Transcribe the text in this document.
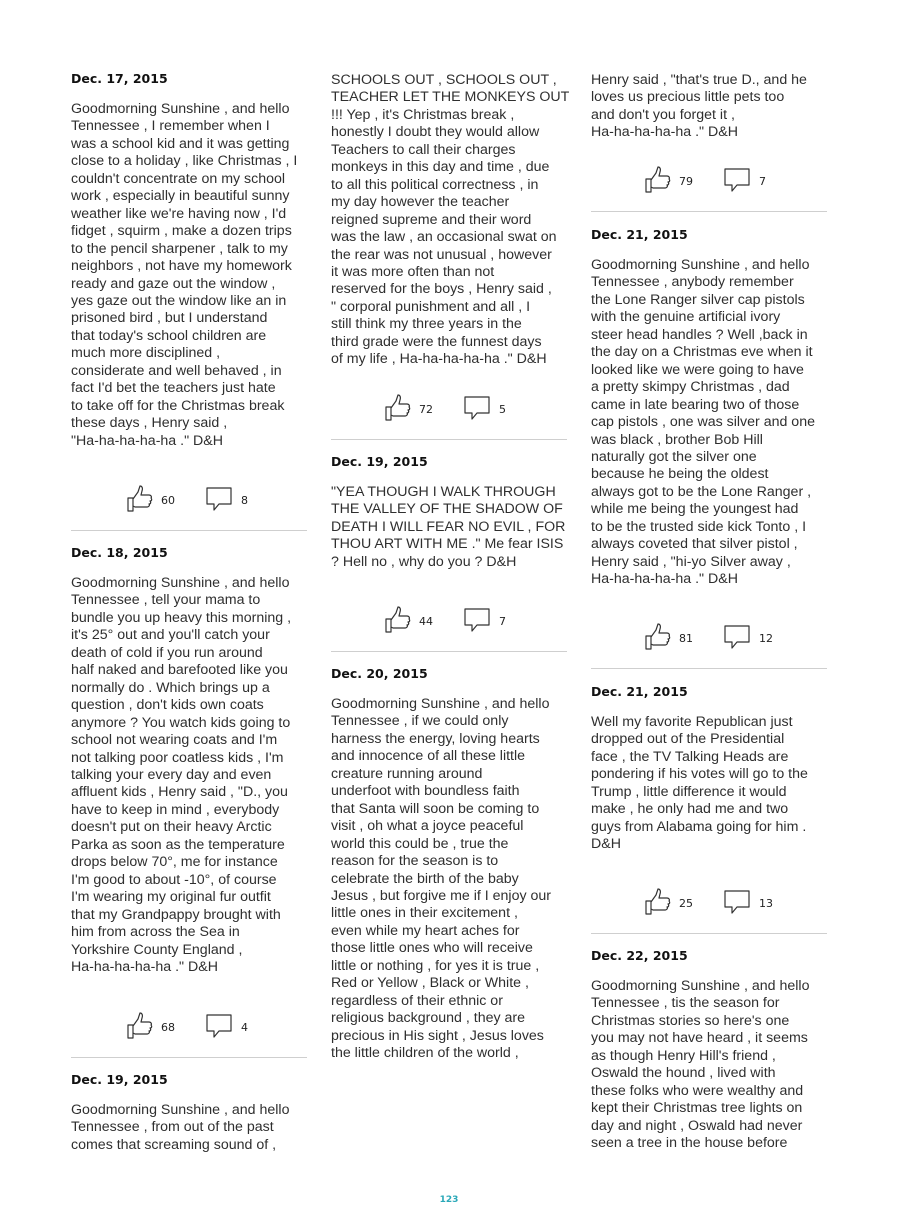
Dec. 17, 2015

Goodmorning Sunshine , and hello
Tennessee , I remember when I
was a school kid and it was getting
close to a holiday , like Christmas , I
couldn't concentrate on my school
work , especially in beautiful sunny
weather like we're having now , I'd
fidget , squirm , make a dozen trips
to the pencil sharpener , talk to my
neighbors , not have my homework
ready and gaze out the window ,
yes gaze out the window like an in
prisoned bird , but I understand
that today's school children are
much more disciplined ,
considerate and well behaved , in
fact I'd bet the teachers just hate
to take off for the Christmas break
these days , Henry said ,
"Ha-ha-ha-ha-ha ." D&H

60	8
Dec. 18, 2015

Goodmorning Sunshine , and hello
Tennessee , tell your mama to
bundle you up heavy this morning ,
it's 25° out and you'll catch your
death of cold if you run around
half naked and barefooted like you
normally do . Which brings up a
question , don't kids own coats
anymore ? You watch kids going to
school not wearing coats and I'm
not talking poor coatless kids , I'm
talking your every day and even
affluent kids , Henry said , "D., you
have to keep in mind , everybody
doesn't put on their heavy Arctic
Parka as soon as the temperature
drops below 70°, me for instance
I'm good to about -10°, of course
I'm wearing my original fur outfit
that my Grandpappy brought with
him from across the Sea in
Yorkshire County England ,
Ha-ha-ha-ha-ha ." D&H

68	4
Dec. 19, 2015

Goodmorning Sunshine , and hello
Tennessee , from out of the past
comes that screaming sound of ,

SCHOOLS OUT , SCHOOLS OUT ,
TEACHER LET THE MONKEYS OUT
!!! Yep , it's Christmas break ,
honestly I doubt they would allow
Teachers to call their charges
monkeys in this day and time , due
to all this political correctness , in
my day however the teacher
reigned supreme and their word
was the law , an occasional swat on
the rear was not unusual , however
it was more often than not
reserved for the boys , Henry said ,
" corporal punishment and all , I
still think my three years in the
third grade were the funnest days
of my life , Ha-ha-ha-ha-ha ." D&H

72	5
Dec. 19, 2015

"YEA THOUGH I WALK THROUGH
THE VALLEY OF THE SHADOW OF
DEATH I WILL FEAR NO EVIL , FOR
THOU ART WITH ME ." Me fear ISIS
? Hell no , why do you ? D&H

44	7
Dec. 20, 2015

Goodmorning Sunshine , and hello
Tennessee , if we could only
harness the energy, loving hearts
and innocence of all these little
creature running around
underfoot with boundless faith
that Santa will soon be coming to
visit , oh what a joyce peaceful
world this could be , true the
reason for the season is to
celebrate the birth of the baby
Jesus , but forgive me if I enjoy our
little ones in their excitement ,
even while my heart aches for
those little ones who will receive
little or nothing , for yes it is true ,
Red or Yellow , Black or White ,
regardless of their ethnic or
religious background , they are
precious in His sight , Jesus loves
the little children of the world ,

Henry said , "that's true D., and he
loves us precious little pets too
and don't you forget it ,
Ha-ha-ha-ha-ha ." D&H

79	7
Dec. 21, 2015

Goodmorning Sunshine , and hello
Tennessee , anybody remember
the Lone Ranger silver cap pistols
with the genuine artificial ivory
steer head handles ? Well ,back in
the day on a Christmas eve when it
looked like we were going to have
a pretty skimpy Christmas , dad
came in late bearing two of those
cap pistols , one was silver and one
was black , brother Bob Hill
naturally got the silver one
because he being the oldest
always got to be the Lone Ranger ,
while me being the youngest had
to be the trusted side kick Tonto , I
always coveted that silver pistol ,
Henry said , "hi-yo Silver away ,
Ha-ha-ha-ha-ha ." D&H

81	12
Dec. 21, 2015

Well my favorite Republican just
dropped out of the Presidential
face , the TV Talking Heads are
pondering if his votes will go to the
Trump , little difference it would
make , he only had me and two
guys from Alabama going for him .
D&H

25	13
Dec. 22, 2015

Goodmorning Sunshine , and hello
Tennessee , tis the season for
Christmas stories so here's one
you may not have heard , it seems
as though Henry Hill's friend ,
Oswald the hound , lived with
these folks who were wealthy and
kept their Christmas tree lights on
day and night , Oswald had never
seen a tree in the house before

123
